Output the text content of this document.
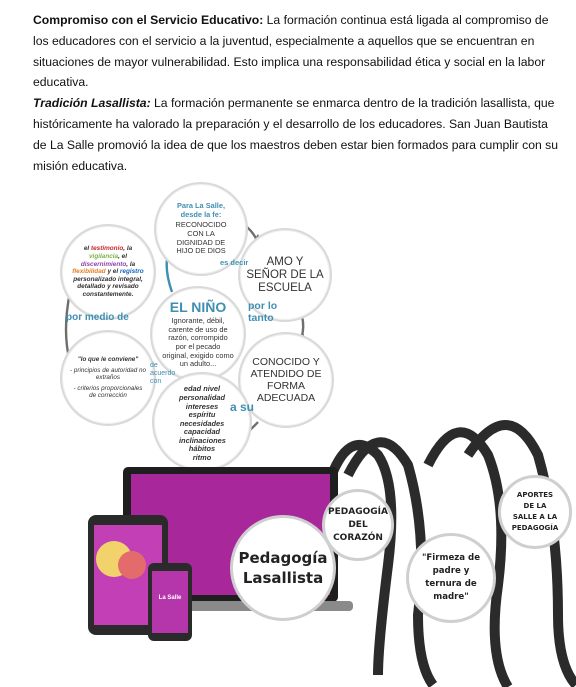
Compromiso con el Servicio Educativo: La formación continua está ligada al compromiso de los educadores con el servicio a la juventud, especialmente a aquellos que se encuentran en situaciones de mayor vulnerabilidad. Esto implica una responsabilidad ética y social en la labor educativa.

Tradición Lasallista: La formación permanente se enmarca dentro de la tradición lasallista, que históricamente ha valorado la preparación y el desarrollo de los educadores. San Juan Bautista de La Salle promovió la idea de que los maestros deben estar bien formados para cumplir con su misión educativa.

Para La Salle, desde la fe:
RECONOCIDO CON LA DIGNIDAD DE HIJO DE DIOS
AMO Y SEÑOR DE LA ESCUELA
CONOCIDO Y ATENDIDO DE FORMA ADECUADA
EL NIÑO
Ignorante, débil, carente de uso de razón, corrompido por el pecado original, exigido como un adulto...
edad nivel personalidad intereses espíritu necesidades capacidad inclinaciones hábitos ritmo
"lo que le conviene"
- principios de autoridad no extraños
- criterios proporcionales de corrección
el testimonio, la vigilancia, el discernimiento, la flexibilidad y el registro personalizado integral, detallado y revisado constantemente.
es decir
por lo tanto
a su
de acuerdo con
por medio de
La Salle
Pedagogía Lasallista
PEDAGOGÍA DEL CORAZÓN
"Firmeza de padre y ternura de madre"
APORTES DE LA SALLE A LA PEDAGOGÍA
